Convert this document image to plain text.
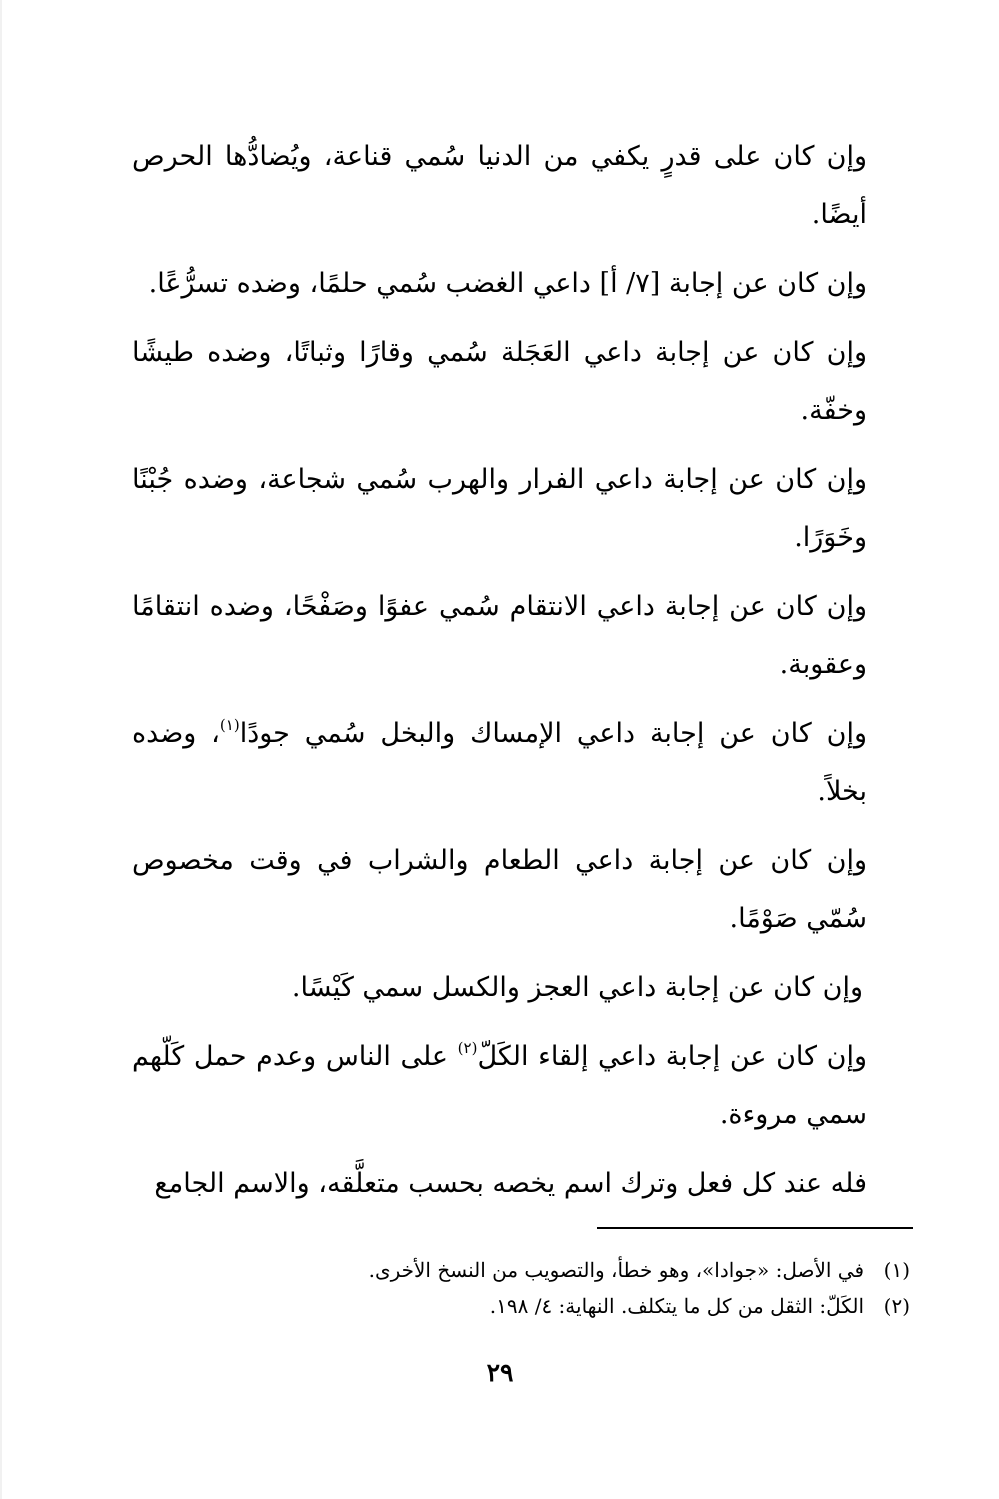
وإن كان على قدرٍ يكفي من الدنيا سُمي قناعة، ويُضادُّها الحرص أيضًا.

وإن كان عن إجابة [٧/ أ] داعي الغضب سُمي حلمًا، وضده تسرُّعًا.

وإن كان عن إجابة داعي العَجَلة سُمي وقارًا وثباتًا، وضده طيشًا وخفّة.

وإن كان عن إجابة داعي الفرار والهرب سُمي شجاعة، وضده جُبْنًا وخَوَرًا.

وإن كان عن إجابة داعي الانتقام سُمي عفوًا وصَفْحًا، وضده انتقامًا وعقوبة.

وإن كان عن إجابة داعي الإمساك والبخل سُمي جودًا$^{(١)}$، وضده بخلاً.

وإن كان عن إجابة داعي الطعام والشراب في وقت مخصوص سُمّي صَوْمًا.

وإن كان عن إجابة داعي العجز والكسل سمي كَيْسًا.

وإن كان عن إجابة داعي إلقاء الكَلّ$^{(٢)}$ على الناس وعدم حمل كَلّهم سمي مروءة.

فله عند كل فعل وترك اسم يخصه بحسب متعلَّقه، والاسم الجامع

(١)في الأصل: «جوادا»، وهو خطأ، والتصويب من النسخ الأخرى.
(٢)الكَلّ: الثقل من كل ما يتكلف. النهاية: ٤/ ١٩٨.
٢٩
